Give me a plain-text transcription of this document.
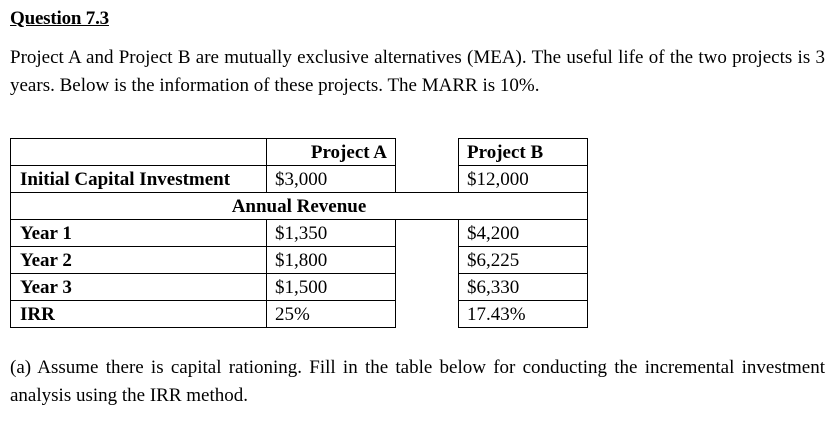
Question 7.3
Project A and Project B are mutually exclusive alternatives (MEA). The useful life of the two projects is 3 years. Below is the information of these projects. The MARR is 10%.
	Project A		Project B
Initial Capital Investment	$3,000		$12,000
Annual Revenue			
Year 1	$1,350		$4,200
Year 2	$1,800		$6,225
Year 3	$1,500		$6,330
IRR	25%		17.43%
(a) Assume there is capital rationing. Fill in the table below for conducting the incremental investment analysis using the IRR method.
